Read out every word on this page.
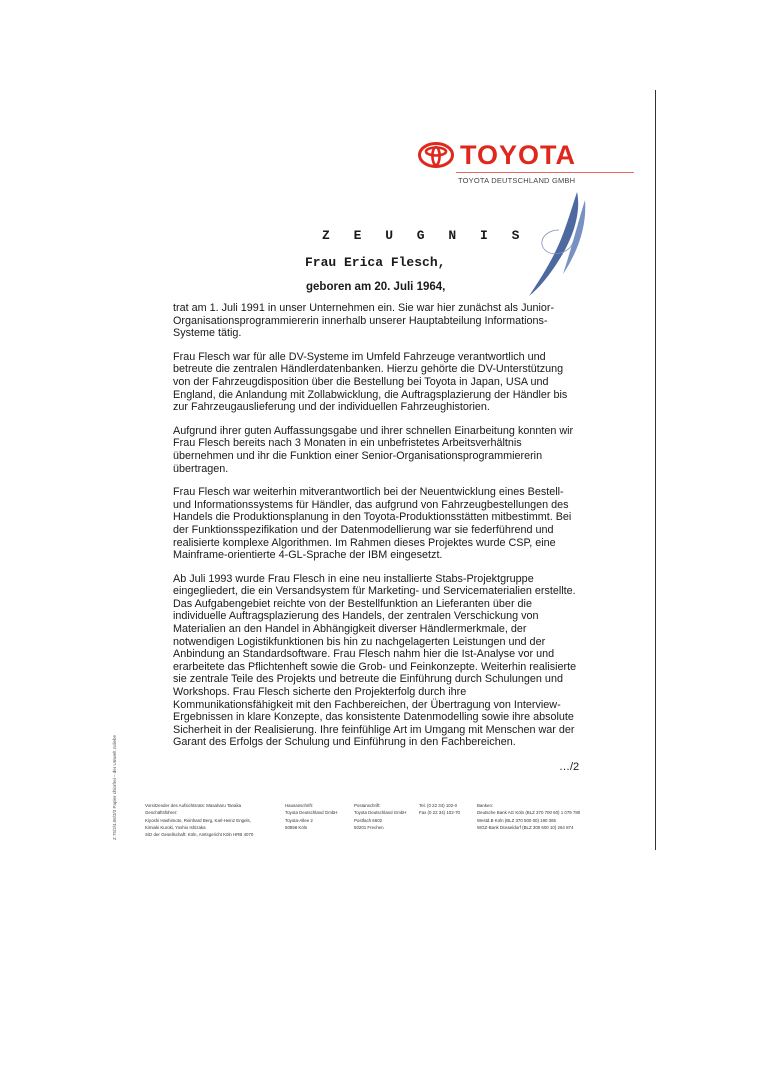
TOYOTA
TOYOTA DEUTSCHLAND GMBH
Z E U G N I S
Frau Erica Flesch,
geboren am 20. Juli 1964,

trat am 1. Juli 1991 in unser Unternehmen ein. Sie war hier zunächst als Junior-Organisationsprogrammiererin innerhalb unserer Hauptabteilung Informations-Systeme tätig.

Frau Flesch war für alle DV-Systeme im Umfeld Fahrzeuge verantwortlich und betreute die zentralen Händlerdatenbanken. Hierzu gehörte die DV-Unterstützung von der Fahrzeugdisposition über die Bestellung bei Toyota in Japan, USA und England, die Anlandung mit Zollabwicklung, die Auftragsplazierung der Händler bis zur Fahrzeugauslieferung und der individuellen Fahrzeughistorien.

Aufgrund ihrer guten Auffassungsgabe und ihrer schnellen Einarbeitung konnten wir Frau Flesch bereits nach 3 Monaten in ein unbefristetes Arbeitsverhältnis übernehmen und ihr die Funktion einer Senior-Organisationsprogrammiererin übertragen.

Frau Flesch war weiterhin mitverantwortlich bei der Neuentwicklung eines Bestell- und Informationssystems für Händler, das aufgrund von Fahrzeugbestellungen des Handels die Produktionsplanung in den Toyota-Produktionsstätten mitbestimmt. Bei der Funktionsspezifikation und der Datenmodellierung war sie federführend und realisierte komplexe Algorithmen. Im Rahmen dieses Projektes wurde CSP, eine Mainframe-orientierte 4-GL-Sprache der IBM eingesetzt.

Ab Juli 1993 wurde Frau Flesch in eine neu installierte Stabs-Projektgruppe eingegliedert, die ein Versandsystem für Marketing- und Servicematerialien erstellte. Das Aufgabengebiet reichte von der Bestellfunktion an Lieferanten über die individuelle Auftragsplazierung des Handels, der zentralen Verschickung von Materialien an den Handel in Abhängigkeit diverser Händlermerkmale, der notwendigen Logistikfunktionen bis hin zu nachgelagerten Leistungen und der Anbindung an Standardsoftware. Frau Flesch nahm hier die Ist-Analyse vor und erarbeitete das Pflichtenheft sowie die Grob- und Feinkonzepte. Weiterhin realisierte sie zentrale Teile des Projekts und betreute die Einführung durch Schulungen und Workshops. Frau Flesch sicherte den Projekterfolg durch ihre Kommunikationsfähigkeit mit den Fachbereichen, der Übertragung von Interview-Ergebnissen in klare Konzepte, das konsistente Datenmodelling sowie ihre absolute Sicherheit in der Realisierung. Ihre feinfühlige Art im Umgang mit Menschen war der Garant des Erfolgs der Schulung und Einführung in den Fachbereichen.

…/2
Z 75/2/4.06/3/3 Papier chlorfrei – der Umwelt zuliebe	Vorsitzender des Aufsichtsrats: Masaharu Tanaka
Geschäftsführer:
Kiyoshi Hashimoto, Reinhard Berg, Karl-Heinz Engels,
Kimiaki Kuroki, Yoshio Ishizaka
Sitz der Gesellschaft: Köln, Amtsgericht Köln HRB 4070
Hausanschrift:
Toyota Deutschland GmbH
Toyota-Allee 2
50858 Köln
Postanschrift:
Toyota Deutschland GmbH
Postfach 6602
50201 Frechen
Tel. (0 22 34) 102-0
Fax (0 22 34) 102-70
Banken:
Deutsche Bank AG Köln (BLZ 370 700 60) 1 079 780
Westd.B Köln (BLZ 370 500 00) 190 365
WGZ-Bank Düsseldorf (BLZ 300 600 10) 264 874
